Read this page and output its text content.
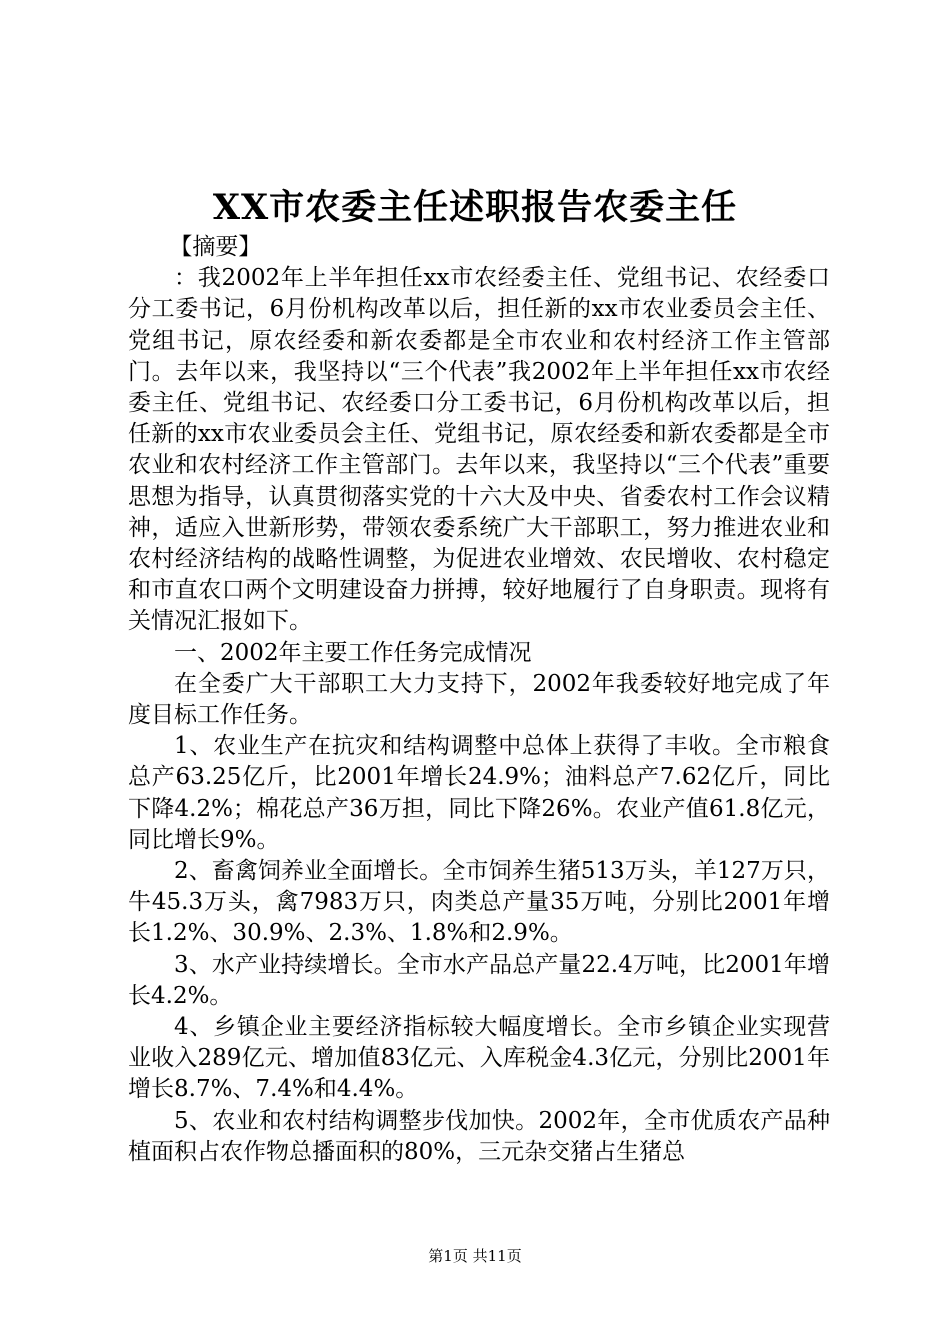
XX市农委主任述职报告农委主任

【摘要】

：我2002年上半年担任xx市农经委主任、党组书记、农经委口分工委书记，6月份机构改革以后，担任新的xx市农业委员会主任、党组书记，原农经委和新农委都是全市农业和农村经济工作主管部门。去年以来，我坚持以“三个代表”我2002年上半年担任xx市农经委主任、党组书记、农经委口分工委书记，6月份机构改革以后，担任新的xx市农业委员会主任、党组书记，原农经委和新农委都是全市农业和农村经济工作主管部门。去年以来，我坚持以“三个代表”重要思想为指导，认真贯彻落实党的十六大及中央、省委农村工作会议精神，适应入世新形势，带领农委系统广大干部职工，努力推进农业和农村经济结构的战略性调整，为促进农业增效、农民增收、农村稳定和市直农口两个文明建设奋力拼搏，较好地履行了自身职责。现将有关情况汇报如下。

一、2002年主要工作任务完成情况

在全委广大干部职工大力支持下，2002年我委较好地完成了年度目标工作任务。

1、农业生产在抗灾和结构调整中总体上获得了丰收。全市粮食总产63.25亿斤，比2001年增长24.9%；油料总产7.62亿斤，同比下降4.2%；棉花总产36万担，同比下降26%。农业产值61.8亿元，同比增长9%。

2、畜禽饲养业全面增长。全市饲养生猪513万头，羊127万只，牛45.3万头，禽7983万只，肉类总产量35万吨，分别比2001年增长1.2%、30.9%、2.3%、1.8%和2.9%。

3、水产业持续增长。全市水产品总产量22.4万吨，比2001年增长4.2%。

4、乡镇企业主要经济指标较大幅度增长。全市乡镇企业实现营业收入289亿元、增加值83亿元、入库税金4.3亿元，分别比2001年增长8.7%、7.4%和4.4%。

5、农业和农村结构调整步伐加快。2002年，全市优质农产品种植面积占农作物总播面积的80%，三元杂交猪占生猪总

第1页 共11页
